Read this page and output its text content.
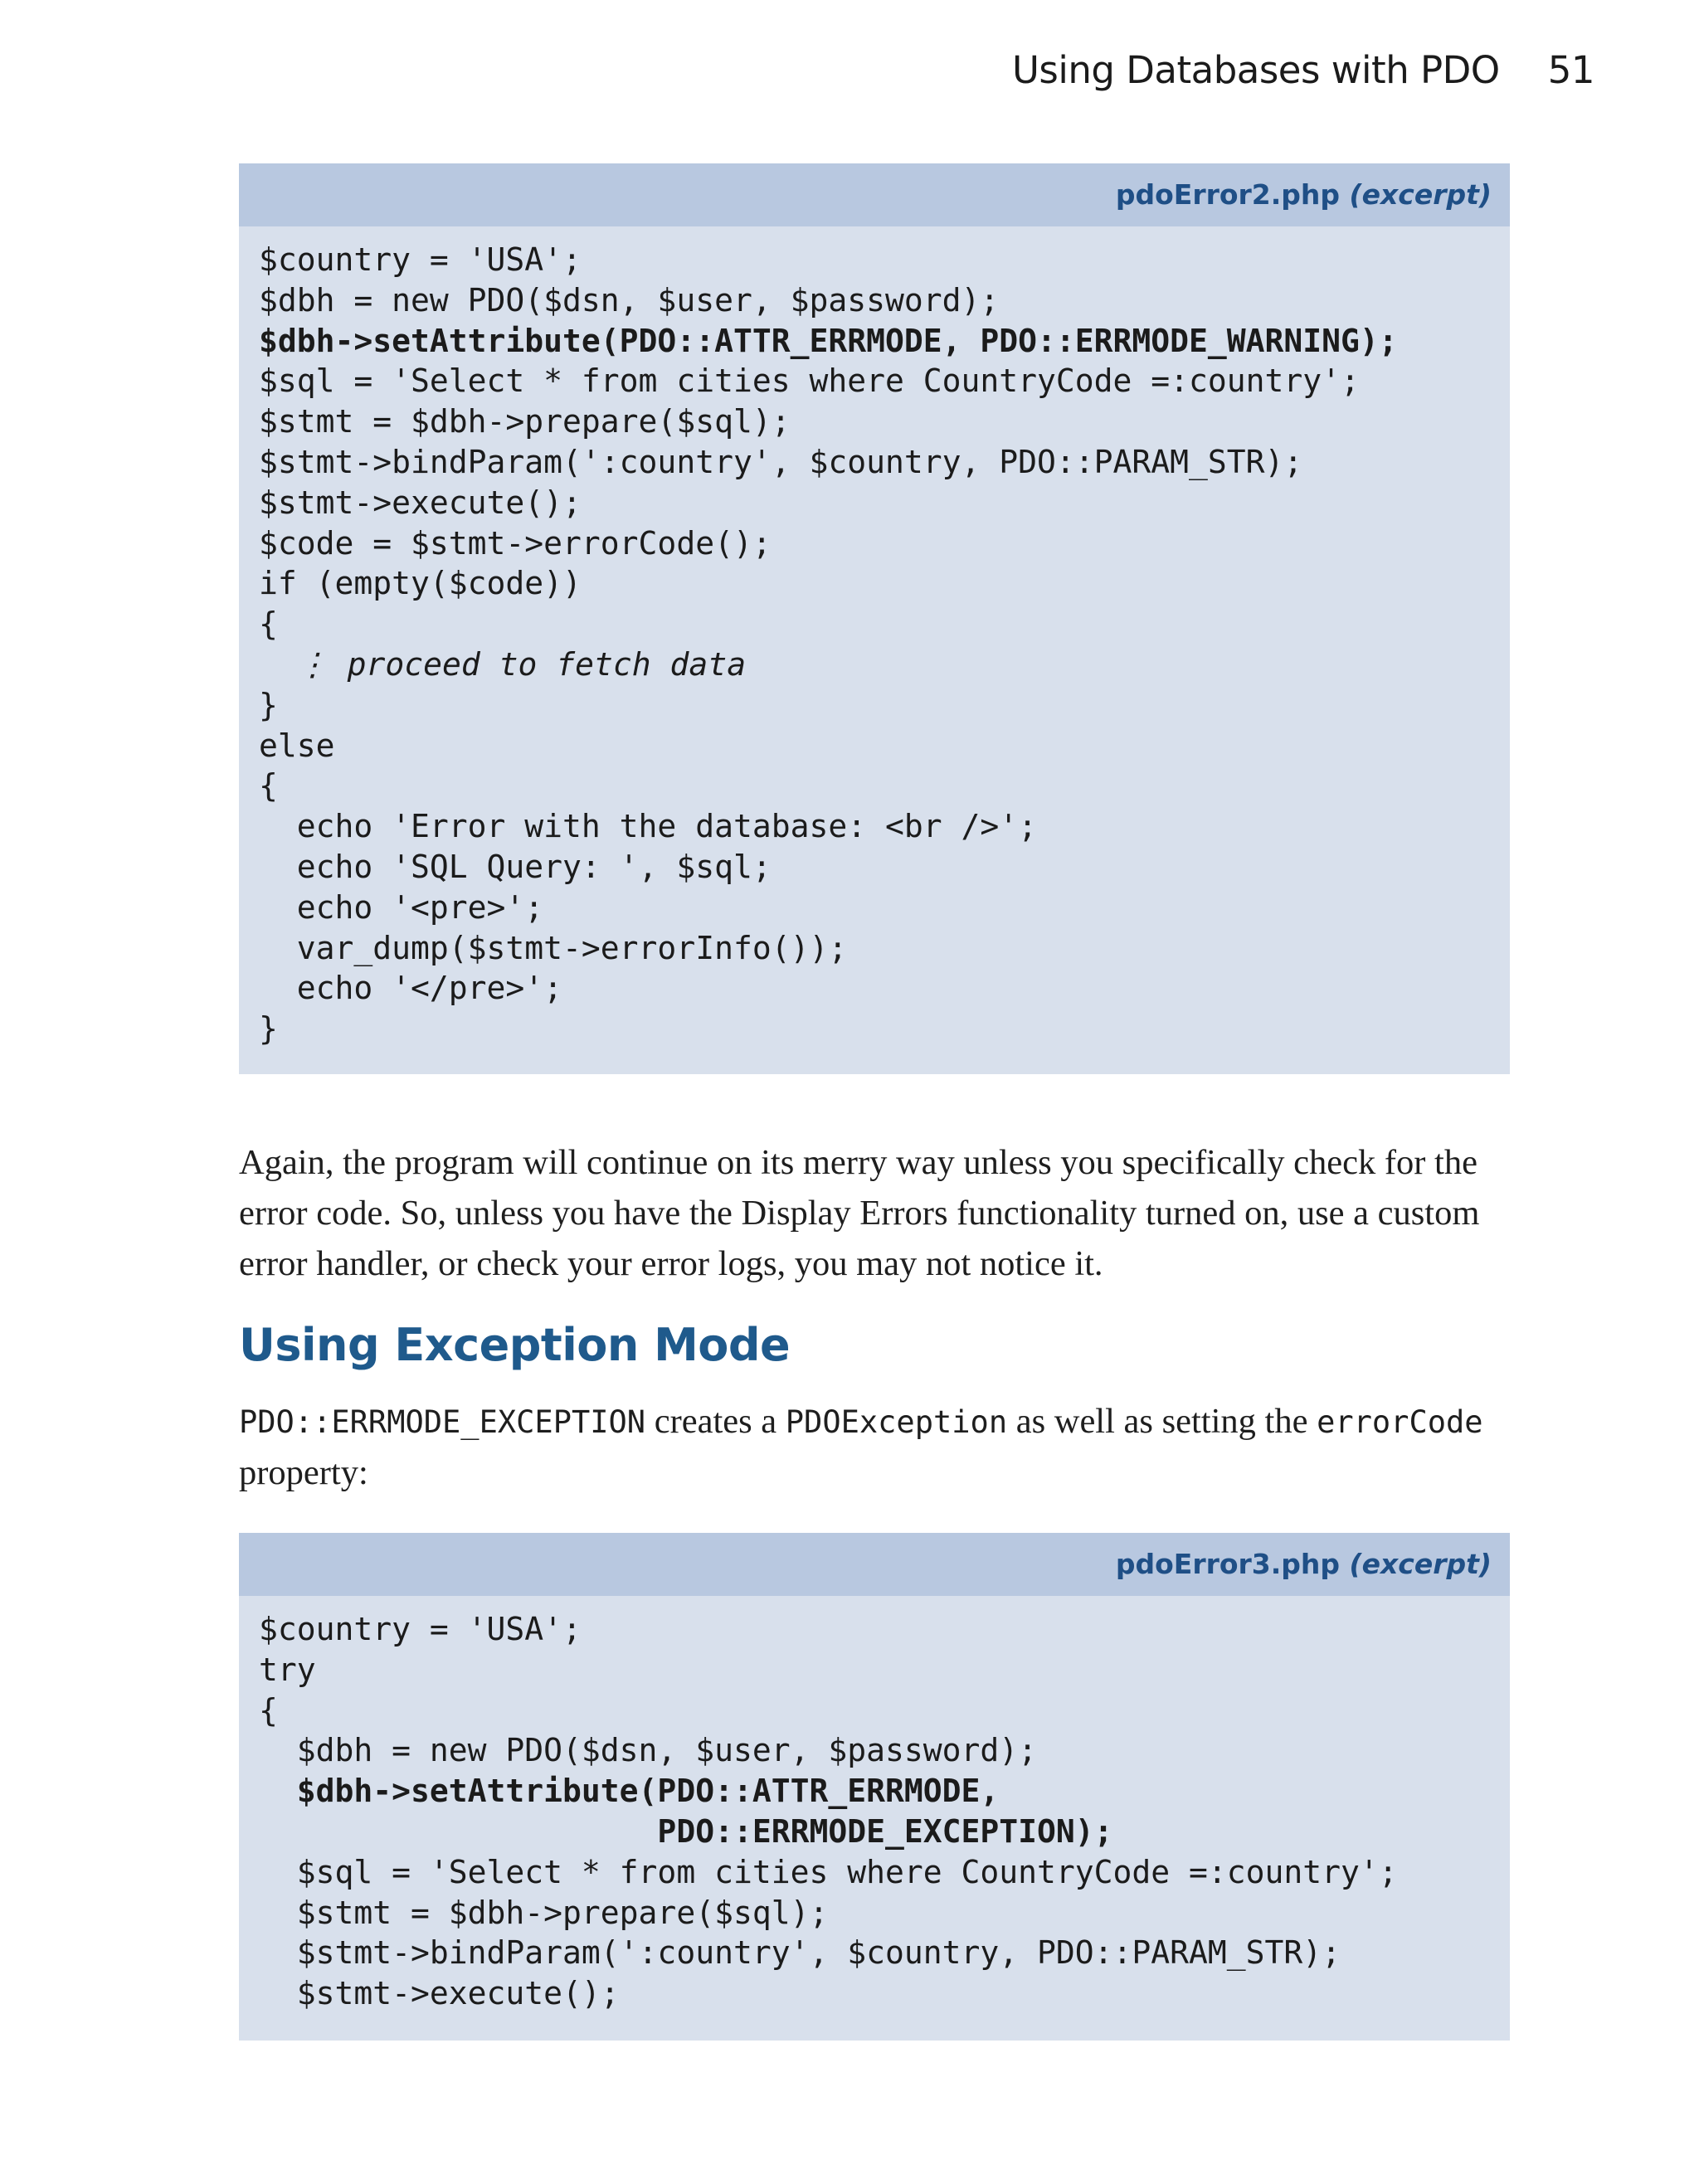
Using Databases with PDO 51
pdoError2.php (excerpt)
$country = 'USA';
$dbh = new PDO($dsn, $user, $password);
$dbh->setAttribute(PDO::ATTR_ERRMODE, PDO::ERRMODE_WARNING);
$sql = 'Select * from cities where CountryCode =:country';
$stmt = $dbh->prepare($sql);
$stmt->bindParam(':country', $country, PDO::PARAM_STR);
$stmt->execute();
$code = $stmt->errorCode();
if (empty($code))
{
⋮ proceed to fetch data
}
else
{
echo 'Error with the database: <br />';
echo 'SQL Query: ', $sql;
echo '<pre>';
var_dump($stmt->errorInfo());
echo '</pre>';
}
Again, the program will continue on its merry way unless you specifically check for the error code. So, unless you have the Display Errors functionality turned on, use a custom error handler, or check your error logs, you may not notice it.
Using Exception Mode
PDO::ERRMODE_EXCEPTION creates a PDOException as well as setting the errorCode property:
pdoError3.php (excerpt)
$country = 'USA';
try
{
$dbh = new PDO($dsn, $user, $password);
$dbh->setAttribute(PDO::ATTR_ERRMODE,
PDO::ERRMODE_EXCEPTION);
$sql = 'Select * from cities where CountryCode =:country';
$stmt = $dbh->prepare($sql);
$stmt->bindParam(':country', $country, PDO::PARAM_STR);
$stmt->execute();
